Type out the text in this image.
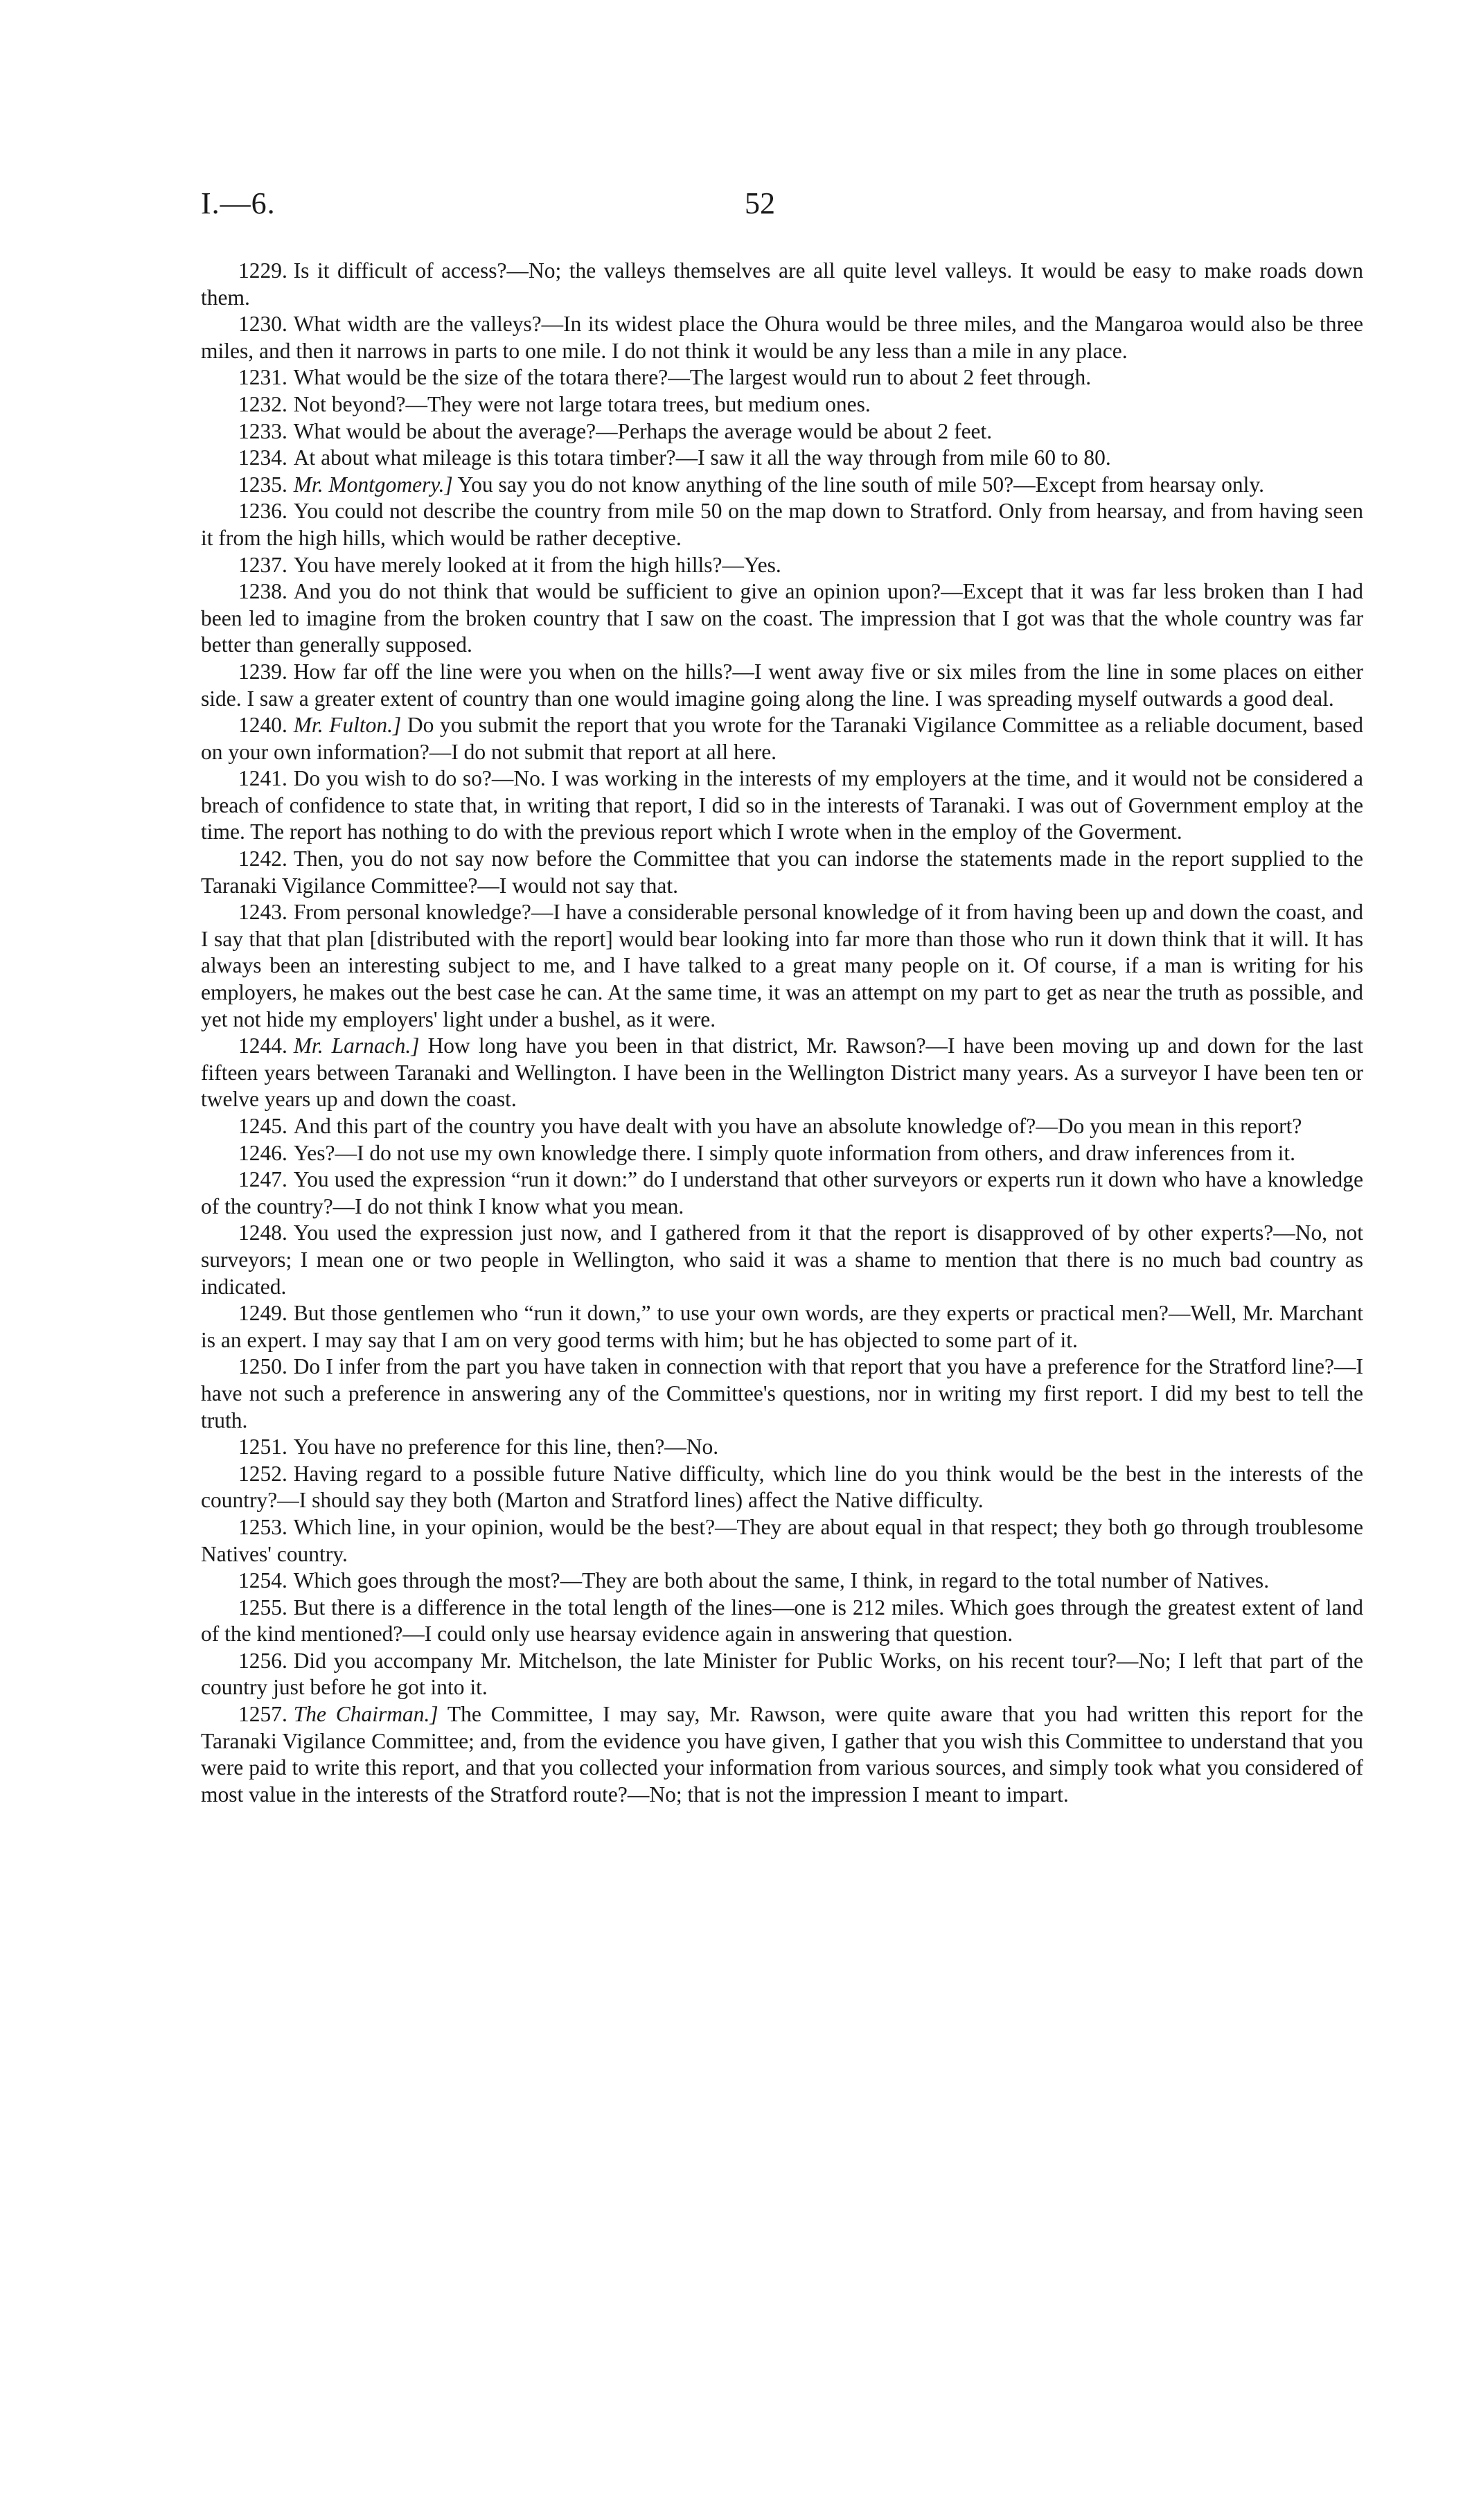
I.—6.	52

1229. Is it difficult of access?—No; the valleys themselves are all quite level valleys. It would be easy to make roads down them.

1230. What width are the valleys?—In its widest place the Ohura would be three miles, and the Mangaroa would also be three miles, and then it narrows in parts to one mile. I do not think it would be any less than a mile in any place.

1231. What would be the size of the totara there?—The largest would run to about 2 feet through.

1232. Not beyond?—They were not large totara trees, but medium ones.

1233. What would be about the average?—Perhaps the average would be about 2 feet.

1234. At about what mileage is this totara timber?—I saw it all the way through from mile 60 to 80.

1235. Mr. Montgomery.] You say you do not know anything of the line south of mile 50?—Except from hearsay only.

1236. You could not describe the country from mile 50 on the map down to Stratford. Only from hearsay, and from having seen it from the high hills, which would be rather deceptive.

1237. You have merely looked at it from the high hills?—Yes.

1238. And you do not think that would be sufficient to give an opinion upon?—Except that it was far less broken than I had been led to imagine from the broken country that I saw on the coast. The impression that I got was that the whole country was far better than generally supposed.

1239. How far off the line were you when on the hills?—I went away five or six miles from the line in some places on either side. I saw a greater extent of country than one would imagine going along the line. I was spreading myself outwards a good deal.

1240. Mr. Fulton.] Do you submit the report that you wrote for the Taranaki Vigilance Committee as a reliable document, based on your own information?—I do not submit that report at all here.

1241. Do you wish to do so?—No. I was working in the interests of my employers at the time, and it would not be considered a breach of confidence to state that, in writing that report, I did so in the interests of Taranaki. I was out of Government employ at the time. The report has nothing to do with the previous report which I wrote when in the employ of the Goverment.

1242. Then, you do not say now before the Committee that you can indorse the statements made in the report supplied to the Taranaki Vigilance Committee?—I would not say that.

1243. From personal knowledge?—I have a considerable personal knowledge of it from having been up and down the coast, and I say that that plan [distributed with the report] would bear looking into far more than those who run it down think that it will. It has always been an interesting subject to me, and I have talked to a great many people on it. Of course, if a man is writing for his employers, he makes out the best case he can. At the same time, it was an attempt on my part to get as near the truth as possible, and yet not hide my employers' light under a bushel, as it were.

1244. Mr. Larnach.] How long have you been in that district, Mr. Rawson?—I have been moving up and down for the last fifteen years between Taranaki and Wellington. I have been in the Wellington District many years. As a surveyor I have been ten or twelve years up and down the coast.

1245. And this part of the country you have dealt with you have an absolute knowledge of?—Do you mean in this report?

1246. Yes?—I do not use my own knowledge there. I simply quote information from others, and draw inferences from it.

1247. You used the expression “run it down:” do I understand that other surveyors or experts run it down who have a knowledge of the country?—I do not think I know what you mean.

1248. You used the expression just now, and I gathered from it that the report is disapproved of by other experts?—No, not surveyors; I mean one or two people in Wellington, who said it was a shame to mention that there is no much bad country as indicated.

1249. But those gentlemen who “run it down,” to use your own words, are they experts or practical men?—Well, Mr. Marchant is an expert. I may say that I am on very good terms with him; but he has objected to some part of it.

1250. Do I infer from the part you have taken in connection with that report that you have a preference for the Stratford line?—I have not such a preference in answering any of the Committee's questions, nor in writing my first report. I did my best to tell the truth.

1251. You have no preference for this line, then?—No.

1252. Having regard to a possible future Native difficulty, which line do you think would be the best in the interests of the country?—I should say they both (Marton and Stratford lines) affect the Native difficulty.

1253. Which line, in your opinion, would be the best?—They are about equal in that respect; they both go through troublesome Natives' country.

1254. Which goes through the most?—They are both about the same, I think, in regard to the total number of Natives.

1255. But there is a difference in the total length of the lines—one is 212 miles. Which goes through the greatest extent of land of the kind mentioned?—I could only use hearsay evidence again in answering that question.

1256. Did you accompany Mr. Mitchelson, the late Minister for Public Works, on his recent tour?—No; I left that part of the country just before he got into it.

1257. The Chairman.] The Committee, I may say, Mr. Rawson, were quite aware that you had written this report for the Taranaki Vigilance Committee; and, from the evidence you have given, I gather that you wish this Committee to understand that you were paid to write this report, and that you collected your information from various sources, and simply took what you considered of most value in the interests of the Stratford route?—No; that is not the impression I meant to impart.
